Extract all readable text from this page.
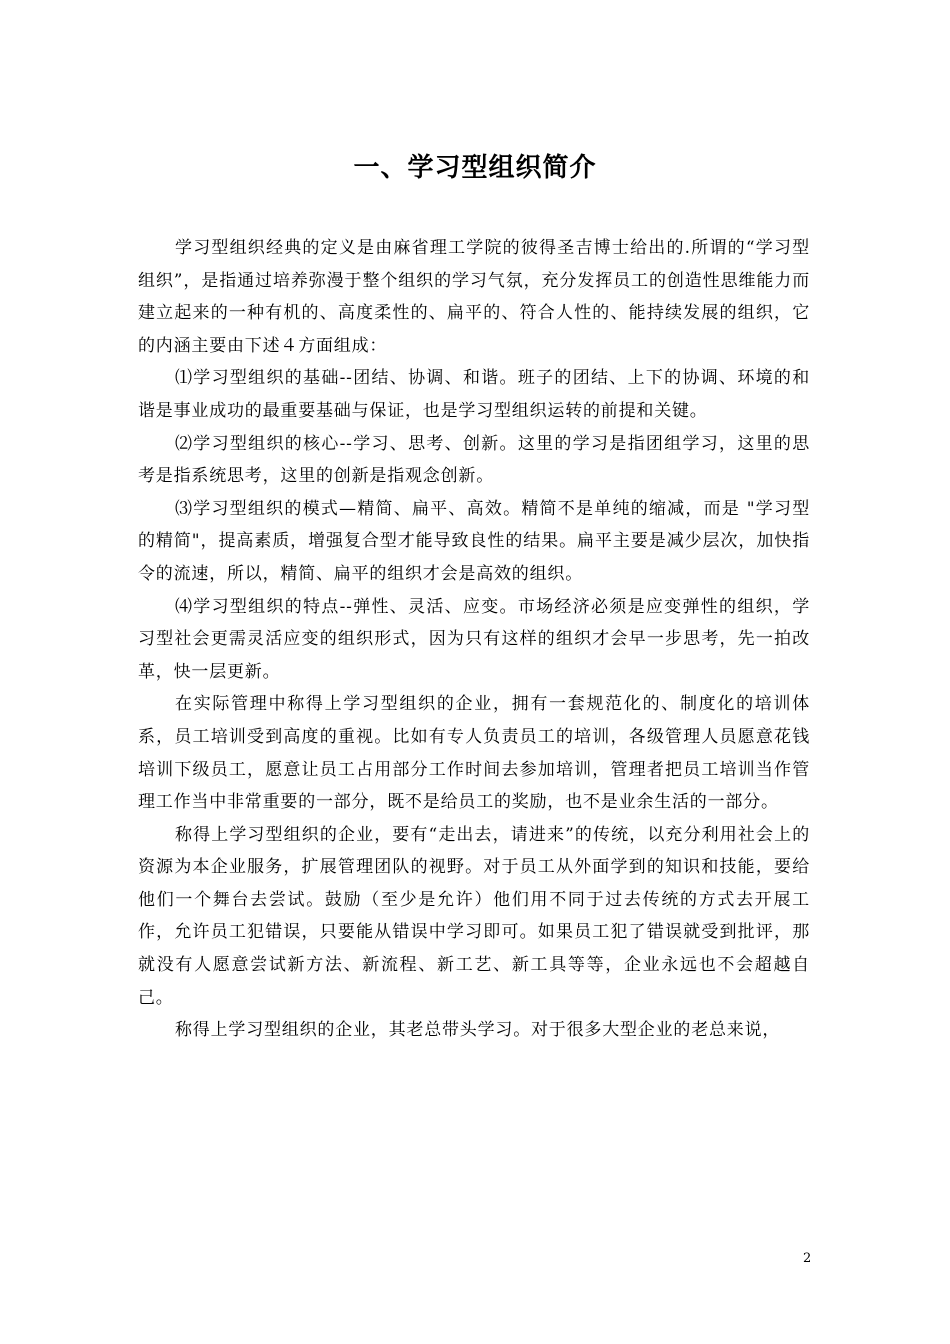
一、学习型组织简介

学习型组织经典的定义是由麻省理工学院的彼得圣吉博士给出的.所谓的“学习型组织”，是指通过培养弥漫于整个组织的学习气氛，充分发挥员工的创造性思维能力而建立起来的一种有机的、高度柔性的、扁平的、符合人性的、能持续发展的组织，它的内涵主要由下述４方面组成：

⑴学习型组织的基础--团结、协调、和谐。班子的团结、上下的协调、环境的和谐是事业成功的最重要基础与保证，也是学习型组织运转的前提和关键。

⑵学习型组织的核心--学习、思考、创新。这里的学习是指团组学习，这里的思考是指系统思考，这里的创新是指观念创新。

⑶学习型组织的模式—精简、扁平、高效。精简不是单纯的缩减，而是 "学习型的精简"，提高素质，增强复合型才能导致良性的结果。扁平主要是减少层次，加快指令的流速，所以，精简、扁平的组织才会是高效的组织。

⑷学习型组织的特点--弹性、灵活、应变。市场经济必须是应变弹性的组织，学习型社会更需灵活应变的组织形式，因为只有这样的组织才会早一步思考，先一拍改革，快一层更新。

在实际管理中称得上学习型组织的企业，拥有一套规范化的、制度化的培训体系，员工培训受到高度的重视。比如有专人负责员工的培训，各级管理人员愿意花钱培训下级员工，愿意让员工占用部分工作时间去参加培训，管理者把员工培训当作管理工作当中非常重要的一部分，既不是给员工的奖励，也不是业余生活的一部分。

称得上学习型组织的企业，要有“走出去，请进来”的传统，以充分利用社会上的资源为本企业服务，扩展管理团队的视野。对于员工从外面学到的知识和技能，要给他们一个舞台去尝试。鼓励（至少是允许）他们用不同于过去传统的方式去开展工作，允许员工犯错误，只要能从错误中学习即可。如果员工犯了错误就受到批评，那就没有人愿意尝试新方法、新流程、新工艺、新工具等等，企业永远也不会超越自己。

称得上学习型组织的企业，其老总带头学习。对于很多大型企业的老总来说，

2
